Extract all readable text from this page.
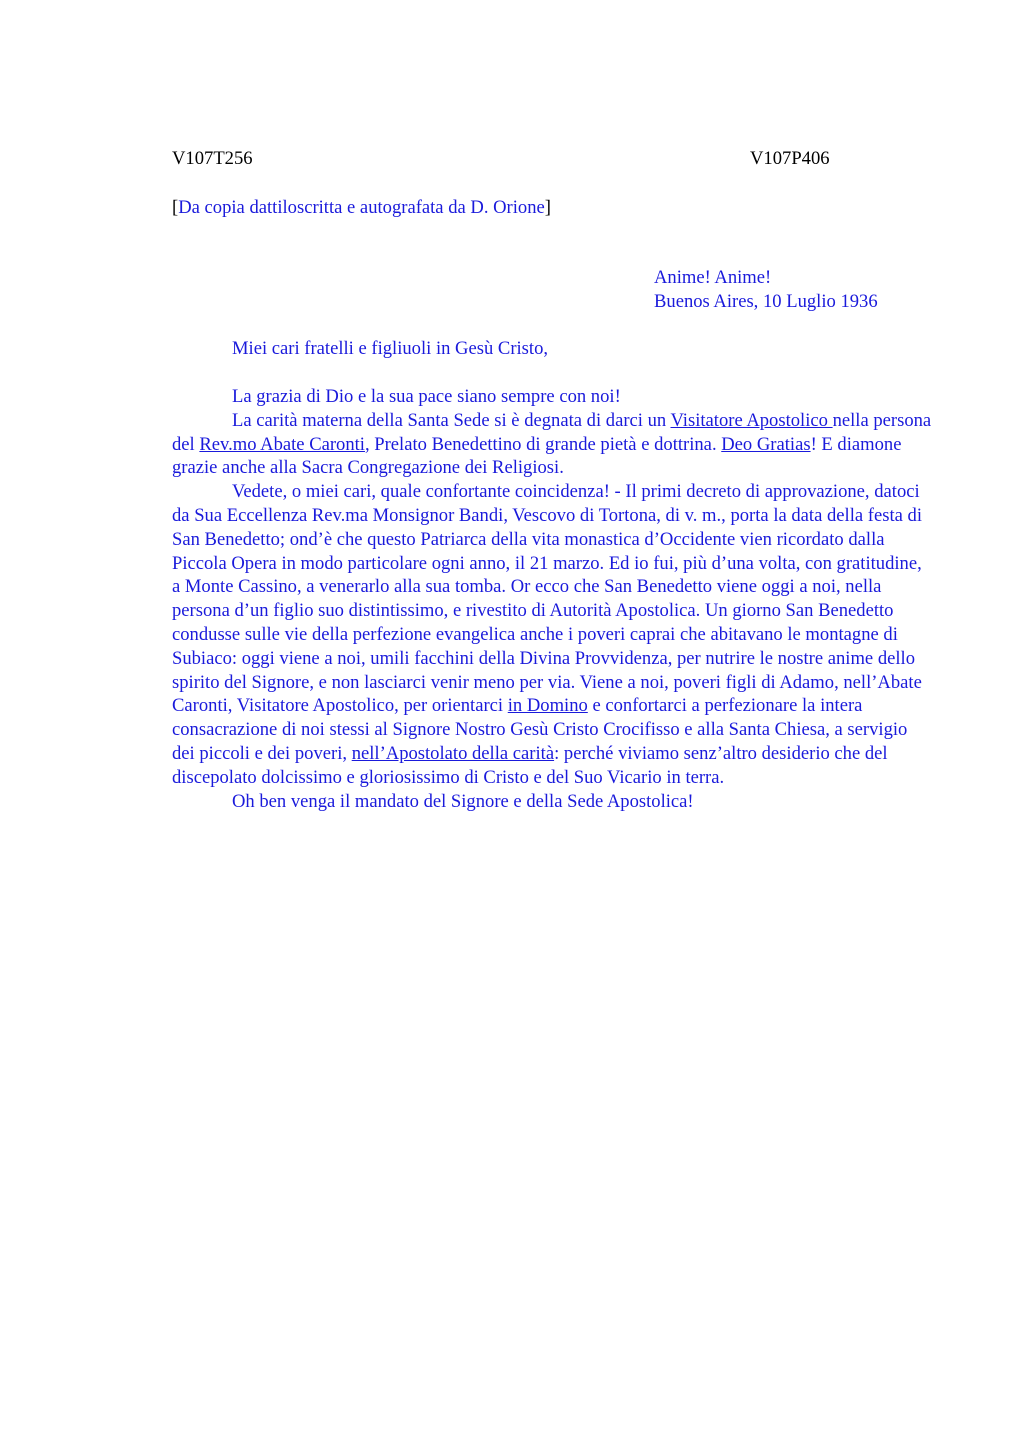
V107T256	V107P406
[Da copia dattiloscritta e autografata da D. Orione]
Anime! Anime!
Buenos Aires, 10 Luglio 1936
Miei cari fratelli e figliuoli in Gesù Cristo,

La grazia di Dio e la sua pace siano sempre con noi!

La carità materna della Santa Sede si è degnata di darci un Visitatore Apostolico nella persona del Rev.mo Abate Caronti, Prelato Benedettino di grande pietà e dottrina. Deo Gratias! E diamone grazie anche alla Sacra Congregazione dei Religiosi.

Vedete, o miei cari, quale confortante coincidenza! - Il primi decreto di approvazione, datoci da Sua Eccellenza Rev.ma Monsignor Bandi, Vescovo di Tortona, di v. m., porta la data della festa di San Benedetto; ond’è che questo Patriarca della vita monastica d’Occidente vien ricordato dalla Piccola Opera in modo particolare ogni anno, il 21 marzo. Ed io fui, più d’una volta, con gratitudine, a Monte Cassino, a venerarlo alla sua tomba. Or ecco che San Benedetto viene oggi a noi, nella persona d’un figlio suo distintissimo, e rivestito di Autorità Apostolica. Un giorno San Benedetto condusse sulle vie della perfezione evangelica anche i poveri caprai che abitavano le montagne di Subiaco: oggi viene a noi, umili facchini della Divina Provvidenza, per nutrire le nostre anime dello spirito del Signore, e non lasciarci venir meno per via. Viene a noi, poveri figli di Adamo, nell’Abate Caronti, Visitatore Apostolico, per orientarci in Domino e confortarci a perfezionare la intera consacrazione di noi stessi al Signore Nostro Gesù Cristo Crocifisso e alla Santa Chiesa, a servigio dei piccoli e dei poveri, nell’Apostolato della carità: perché viviamo senz’altro desiderio che del discepolato dolcissimo e gloriosissimo di Cristo e del Suo Vicario in terra.

Oh ben venga il mandato del Signore e della Sede Apostolica!
